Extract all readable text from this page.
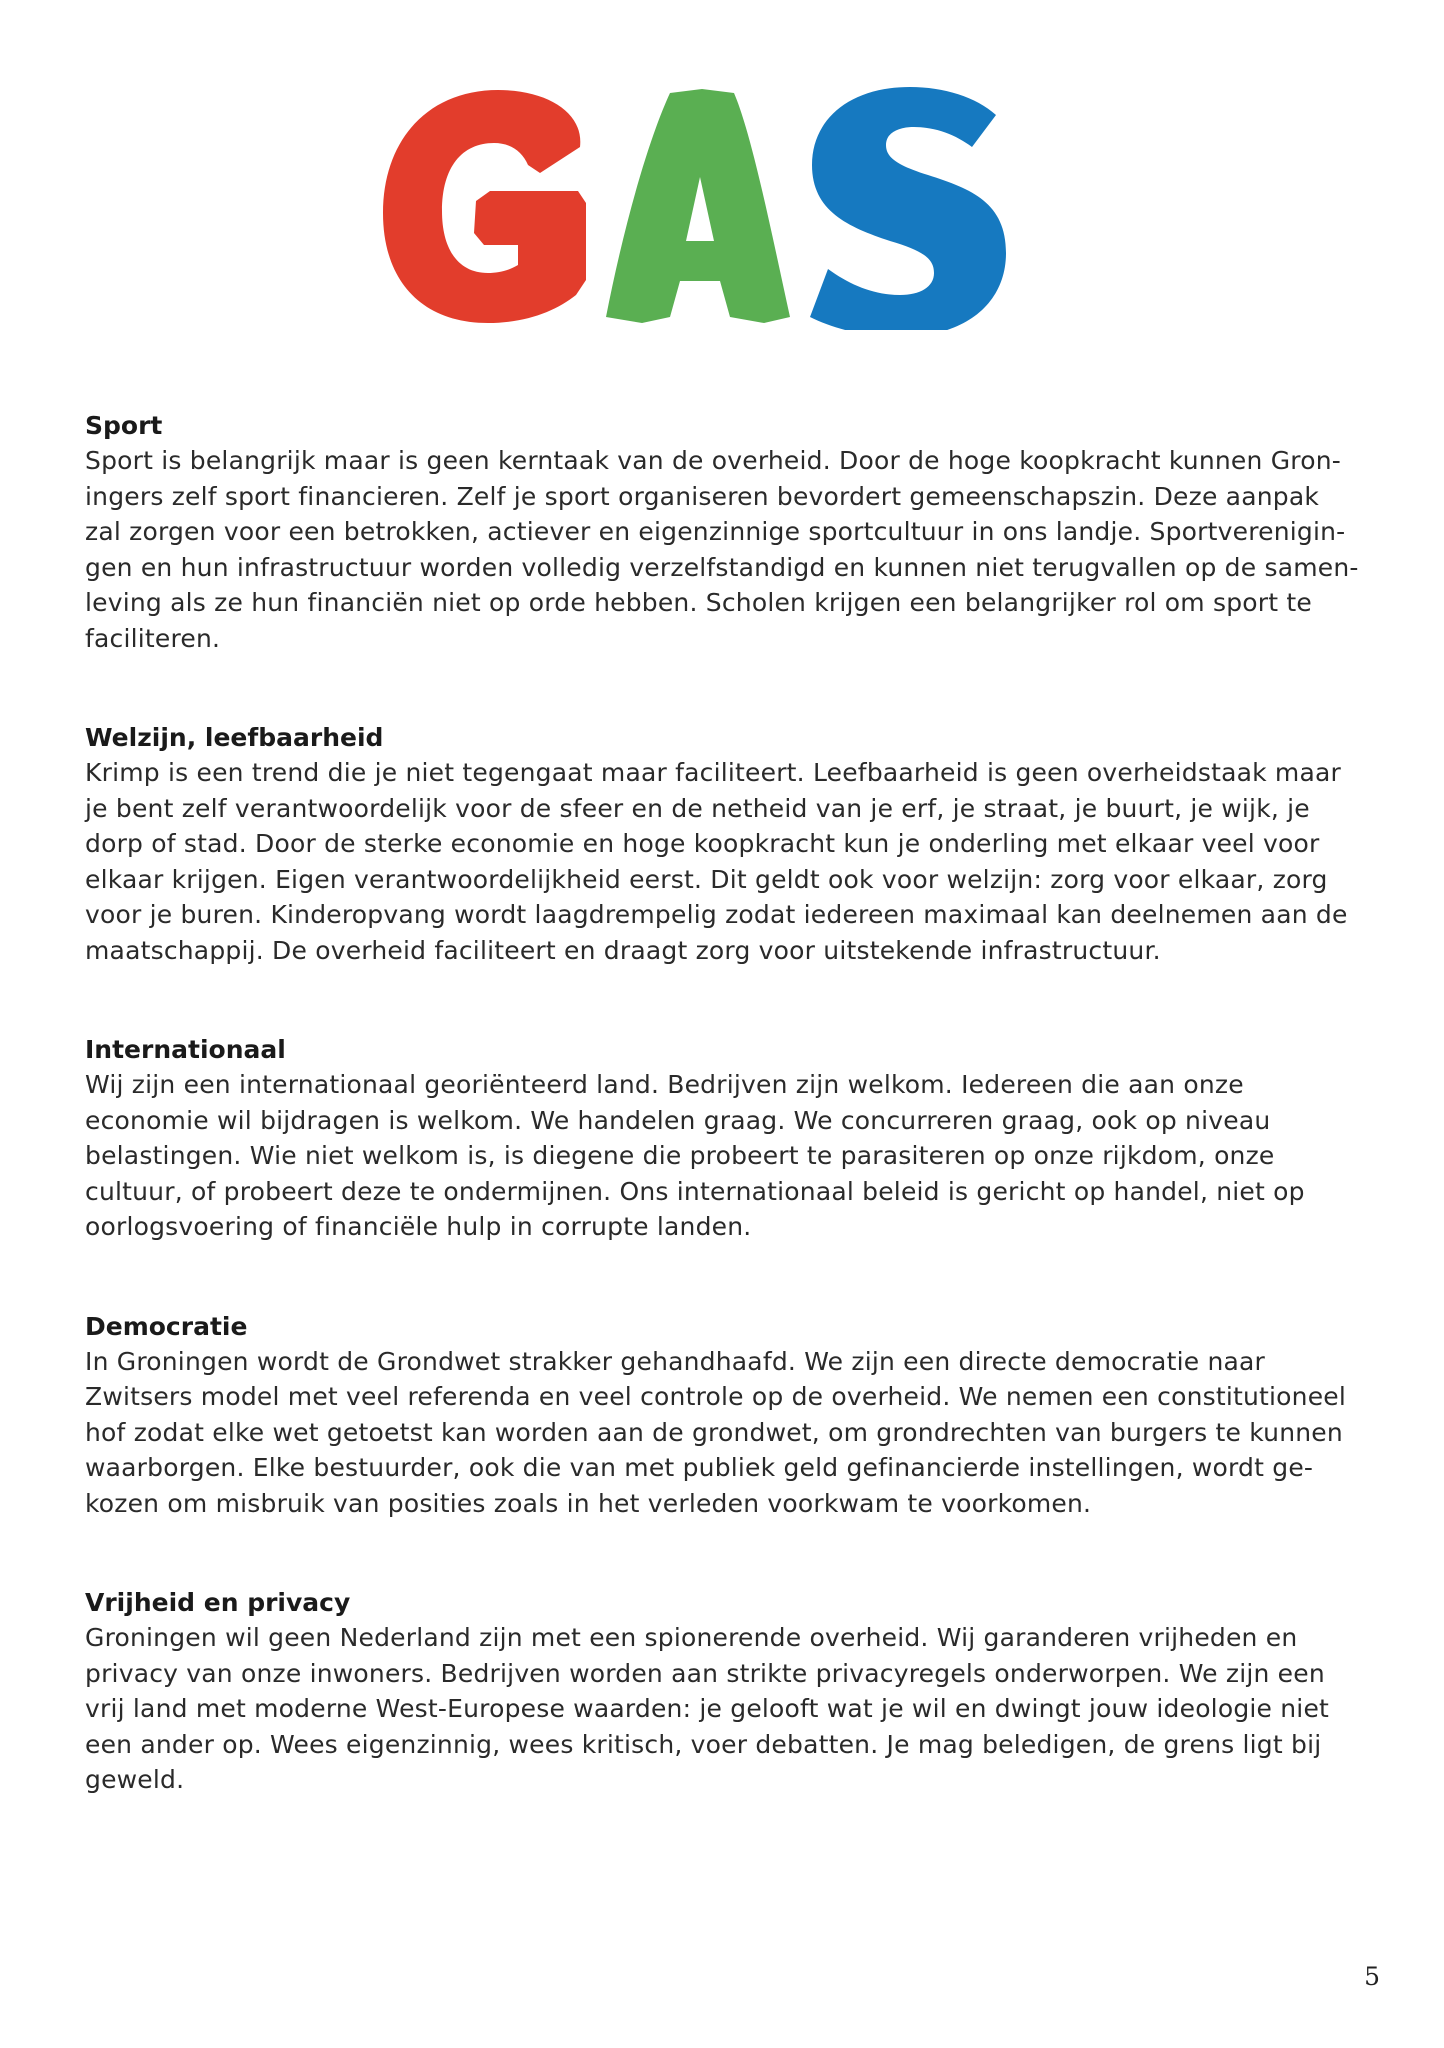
Sport
Sport is belangrijk maar is geen kerntaak van de overheid. Door de hoge koopkracht kunnen Gron-
ingers zelf sport financieren. Zelf je sport organiseren bevordert gemeenschapszin. Deze aanpak
zal zorgen voor een betrokken, actiever en eigenzinnige sportcultuur in ons landje. Sportverenigin-
gen en hun infrastructuur worden volledig verzelfstandigd en kunnen niet terugvallen op de samen-
leving als ze hun financiën niet op orde hebben. Scholen krijgen een belangrijker rol om sport te
faciliteren.
Welzijn, leefbaarheid
Krimp is een trend die je niet tegengaat maar faciliteert. Leefbaarheid is geen overheidstaak maar
je bent zelf verantwoordelijk voor de sfeer en de netheid van je erf, je straat, je buurt, je wijk, je
dorp of stad. Door de sterke economie en hoge koopkracht kun je onderling met elkaar veel voor
elkaar krijgen. Eigen verantwoordelijkheid eerst. Dit geldt ook voor welzijn: zorg voor elkaar, zorg
voor je buren. Kinderopvang wordt laagdrempelig zodat iedereen maximaal kan deelnemen aan de
maatschappij. De overheid faciliteert en draagt zorg voor uitstekende infrastructuur.
Internationaal
Wij zijn een internationaal georiënteerd land. Bedrijven zijn welkom. Iedereen die aan onze
economie wil bijdragen is welkom. We handelen graag. We concurreren graag, ook op niveau
belastingen. Wie niet welkom is, is diegene die probeert te parasiteren op onze rijkdom, onze
cultuur, of probeert deze te ondermijnen. Ons internationaal beleid is gericht op handel, niet op
oorlogsvoering of financiële hulp in corrupte landen.
Democratie
In Groningen wordt de Grondwet strakker gehandhaafd. We zijn een directe democratie naar
Zwitsers model met veel referenda en veel controle op de overheid. We nemen een constitutioneel
hof zodat elke wet getoetst kan worden aan de grondwet, om grondrechten van burgers te kunnen
waarborgen. Elke bestuurder, ook die van met publiek geld gefinancierde instellingen, wordt ge-
kozen om misbruik van posities zoals in het verleden voorkwam te voorkomen.
Vrijheid en privacy
Groningen wil geen Nederland zijn met een spionerende overheid. Wij garanderen vrijheden en
privacy van onze inwoners. Bedrijven worden aan strikte privacyregels onderworpen. We zijn een
vrij land met moderne West-Europese waarden: je gelooft wat je wil en dwingt jouw ideologie niet
een ander op. Wees eigenzinnig, wees kritisch, voer debatten. Je mag beledigen, de grens ligt bij
geweld.
5
